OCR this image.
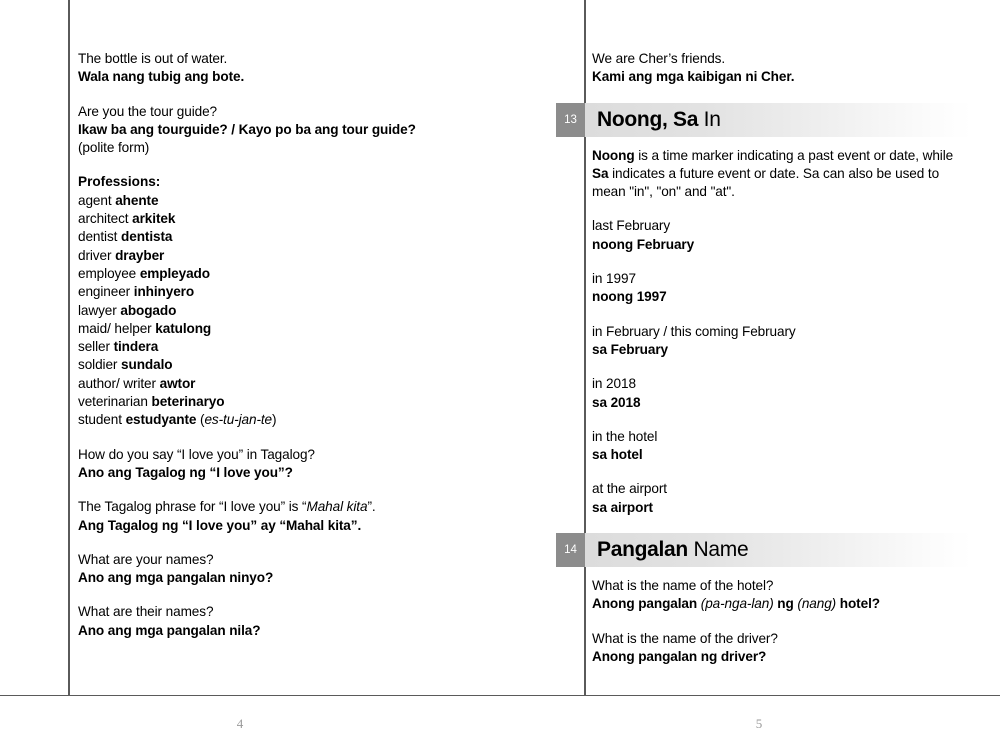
The bottle is out of water.
Wala nang tubig ang bote.
Are you the tour guide?
Ikaw ba ang tourguide? / Kayo po ba ang tour guide?
(polite form)
Professions:
agent ahente
architect arkitek
dentist dentista
driver drayber
employee empleyado
engineer inhinyero
lawyer abogado
maid/ helper katulong
seller tindera
soldier sundalo
author/ writer awtor
veterinarian beterinaryo
student estudyante (es-tu-jan-te)
How do you say “I love you” in Tagalog?
Ano ang Tagalog ng “I love you”?
The Tagalog phrase for “I love you” is “Mahal kita”.
Ang Tagalog ng “I love you” ay “Mahal kita”.
What are your names?
Ano ang mga pangalan ninyo?
What are their names?
Ano ang mga pangalan nila?
We are Cher’s friends.
Kami ang mga kaibigan ni Cher.
13 Noong, Sa In
Noong is a time marker indicating a past event or date, while Sa indicates a future event or date. Sa can also be used to mean "in", "on" and "at".
last February
noong February
in 1997
noong 1997
in February / this coming February
sa February
in 2018
sa 2018
in the hotel
sa hotel
at the airport
sa airport
14 Pangalan Name
What is the name of the hotel?
Anong pangalan (pa-nga-lan) ng (nang) hotel?
What is the name of the driver?
Anong pangalan ng driver?
4	5
